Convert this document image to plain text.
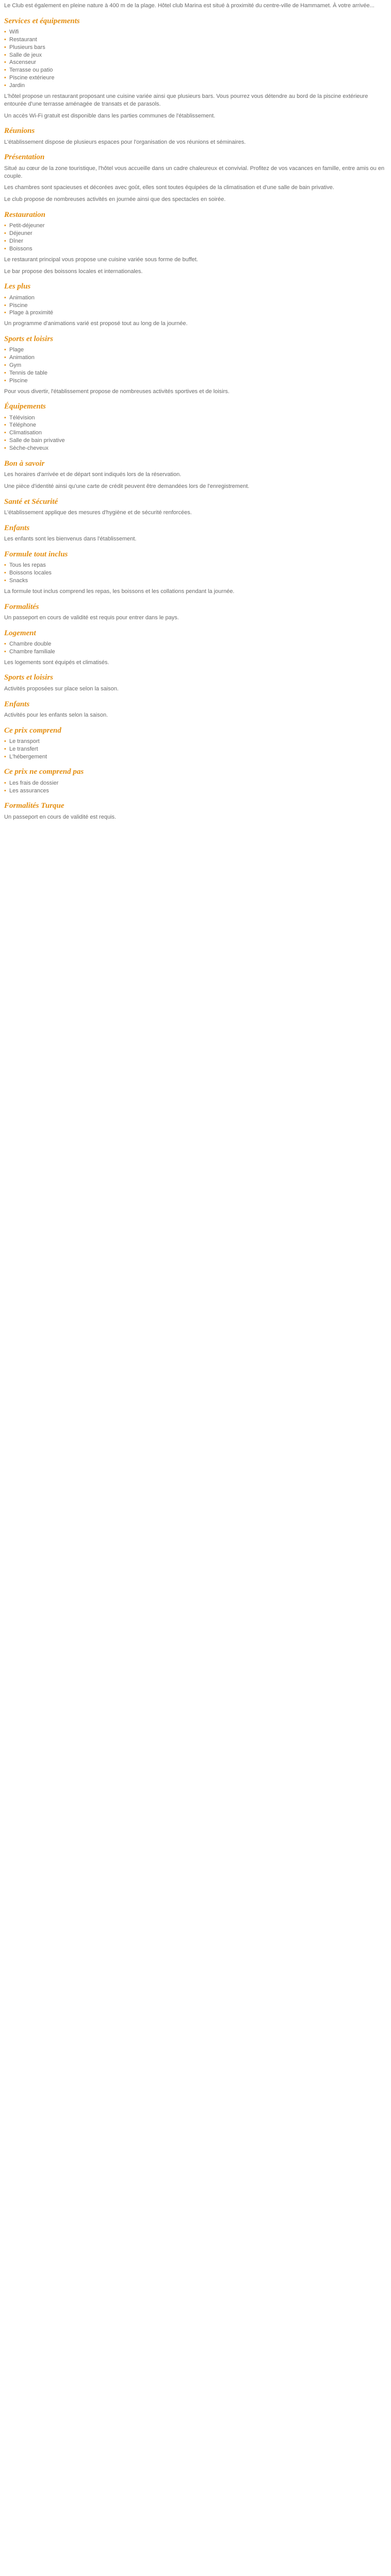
Le Club est également en pleine nature à 400 m de la plage. Hôtel club Marina est situé à proximité du centre-ville de Hammamet. À votre arrivée...

Services et équipements
• Wifi
• Restaurant
• Plusieurs bars
• Salle de jeux
• Ascenseur
• Terrasse ou patio
• Piscine extérieure
• Jardin

L'hôtel propose un restaurant proposant une cuisine variée ainsi que plusieurs bars. Vous pourrez vous détendre au bord de la piscine extérieure entourée d'une terrasse aménagée de transats et de parasols.

Un accès Wi-Fi gratuit est disponible dans les parties communes de l'établissement.

Réunions

L'établissement dispose de plusieurs espaces pour l'organisation de vos réunions et séminaires.

Présentation

Situé au cœur de la zone touristique, l'hôtel vous accueille dans un cadre chaleureux et convivial. Profitez de vos vacances en famille, entre amis ou en couple.

Les chambres sont spacieuses et décorées avec goût, elles sont toutes équipées de la climatisation et d'une salle de bain privative.

Le club propose de nombreuses activités en journée ainsi que des spectacles en soirée.

Restauration
• Petit-déjeuner
• Déjeuner
• Dîner
• Boissons

Le restaurant principal vous propose une cuisine variée sous forme de buffet.

Le bar propose des boissons locales et internationales.

Les plus
• Animation
• Piscine
• Plage à proximité

Un programme d'animations varié est proposé tout au long de la journée.

Sports et loisirs
• Plage
• Animation
• Gym
• Tennis de table
• Piscine

Pour vous divertir, l'établissement propose de nombreuses activités sportives et de loisirs.

Équipements
• Télévision
• Téléphone
• Climatisation
• Salle de bain privative
• Sèche-cheveux
Bon à savoir

Les horaires d'arrivée et de départ sont indiqués lors de la réservation.

Une pièce d'identité ainsi qu'une carte de crédit peuvent être demandées lors de l'enregistrement.

Santé et Sécurité

L'établissement applique des mesures d'hygiène et de sécurité renforcées.

Enfants

Les enfants sont les bienvenus dans l'établissement.

Formule tout inclus
• Tous les repas
• Boissons locales
• Snacks

La formule tout inclus comprend les repas, les boissons et les collations pendant la journée.

Formalités

Un passeport en cours de validité est requis pour entrer dans le pays.

Logement
• Chambre double
• Chambre familiale

Les logements sont équipés et climatisés.

Sports et loisirs

Activités proposées sur place selon la saison.

Enfants

Activités pour les enfants selon la saison.

Ce prix comprend
• Le transport
• Le transfert
• L'hébergement
Ce prix ne comprend pas
• Les frais de dossier
• Les assurances
Formalités Turque

Un passeport en cours de validité est requis.
